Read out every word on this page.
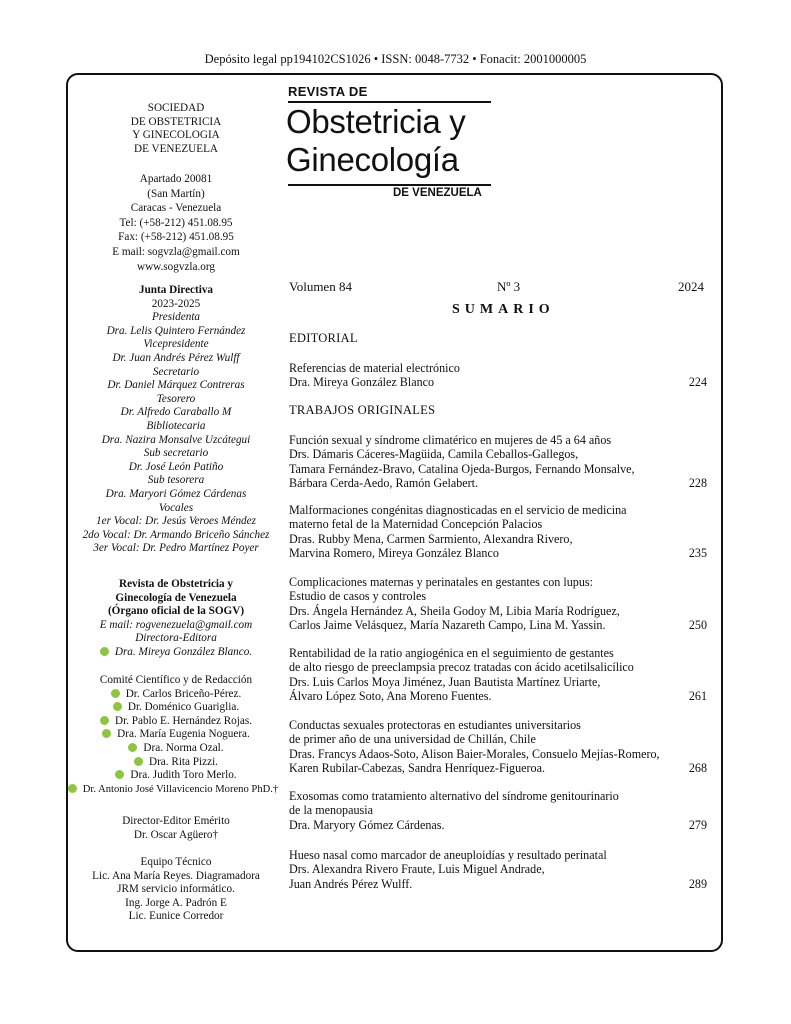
Depósito legal pp194102CS1026 • ISSN: 0048-7732 • Fonacit: 2001000005
SOCIEDAD
DE OBSTETRICIA
Y GINECOLOGIA
DE VENEZUELA
Apartado 20081
(San Martín)
Caracas - Venezuela
Tel: (+58-212) 451.08.95
Fax: (+58-212) 451.08.95
E mail: sogvzla@gmail.com
www.sogvzla.org
Junta Directiva
2023-2025
Presidenta
Dra. Lelis Quintero Fernández
Vicepresidente
Dr. Juan Andrés Pérez Wulff
Secretario
Dr. Daniel Márquez Contreras
Tesorero
Dr. Alfredo Caraballo M
Bibliotecaria
Dra. Nazira Monsalve Uzcátegui
Sub secretario
Dr. José León Patiño
Sub tesorera
Dra. Maryori Gómez Cárdenas
Vocales
1er Vocal: Dr. Jesús Veroes Méndez
2do Vocal: Dr. Armando Briceño Sánchez
3er Vocal: Dr. Pedro Martínez Poyer
Revista de Obstetricia y
Ginecología de Venezuela
(Órgano oficial de la SOGV)
E mail: rogvenezuela@gmail.com
Directora-Editora
Dra. Mireya González Blanco.
Comité Científico y de Redacción
Dr. Carlos Briceño-Pérez.
Dr. Doménico Guariglia.
Dr. Pablo E. Hernández Rojas.
Dra. María Eugenia Noguera.
Dra. Norma Ozal.
Dra. Rita Pizzi.
Dra. Judith Toro Merlo.
Dr. Antonio José Villavicencio Moreno PhD.†
Director-Editor Emérito
Dr. Oscar Agüero†
Equipo Técnico
Lic. Ana María Reyes. Diagramadora
JRM servicio informático.
Ing. Jorge A. Padrón E
Lic. Eunice Corredor
REVISTA DE
Obstetricia y
Ginecología
DE VENEZUELA
Volumen 84	Nº 3	2024
SUMARIO
EDITORIAL
Referencias de material electrónico
Dra. Mireya González Blanco	224
TRABAJOS ORIGINALES
Función sexual y síndrome climatérico en mujeres de 45 a 64 años
Drs. Dámaris Cáceres-Magüida, Camila Ceballos-Gallegos,
Tamara Fernández-Bravo, Catalina Ojeda-Burgos, Fernando Monsalve,
Bárbara Cerda-Aedo, Ramón Gelabert.	228
Malformaciones congénitas diagnosticadas en el servicio de medicina
materno fetal de la Maternidad Concepción Palacios
Dras. Rubby Mena, Carmen Sarmiento, Alexandra Rivero,
Marvina Romero, Mireya González Blanco	235
Complicaciones maternas y perinatales en gestantes con lupus:
Estudio de casos y controles
Drs. Ángela Hernández A, Sheila Godoy M, Libia María Rodríguez,
Carlos Jaime Velásquez, María Nazareth Campo, Lina M. Yassin.	250
Rentabilidad de la ratio angiogénica en el seguimiento de gestantes
de alto riesgo de preeclampsia precoz tratadas con ácido acetilsalicílico
Drs. Luis Carlos Moya Jiménez, Juan Bautista Martínez Uriarte,
Álvaro López Soto, Ana Moreno Fuentes.	261
Conductas sexuales protectoras en estudiantes universitarios
de primer año de una universidad de Chillán, Chile
Dras. Francys Adaos-Soto, Alison Baier-Morales, Consuelo Mejías-Romero,
Karen Rubilar-Cabezas, Sandra Henríquez-Figueroa.	268
Exosomas como tratamiento alternativo del síndrome genitourinario
de la menopausia
Dra. Maryory Gómez Cárdenas.	279
Hueso nasal como marcador de aneuploidías y resultado perinatal
Drs. Alexandra Rivero Fraute, Luis Miguel Andrade,
Juan Andrés Pérez Wulff.	289
